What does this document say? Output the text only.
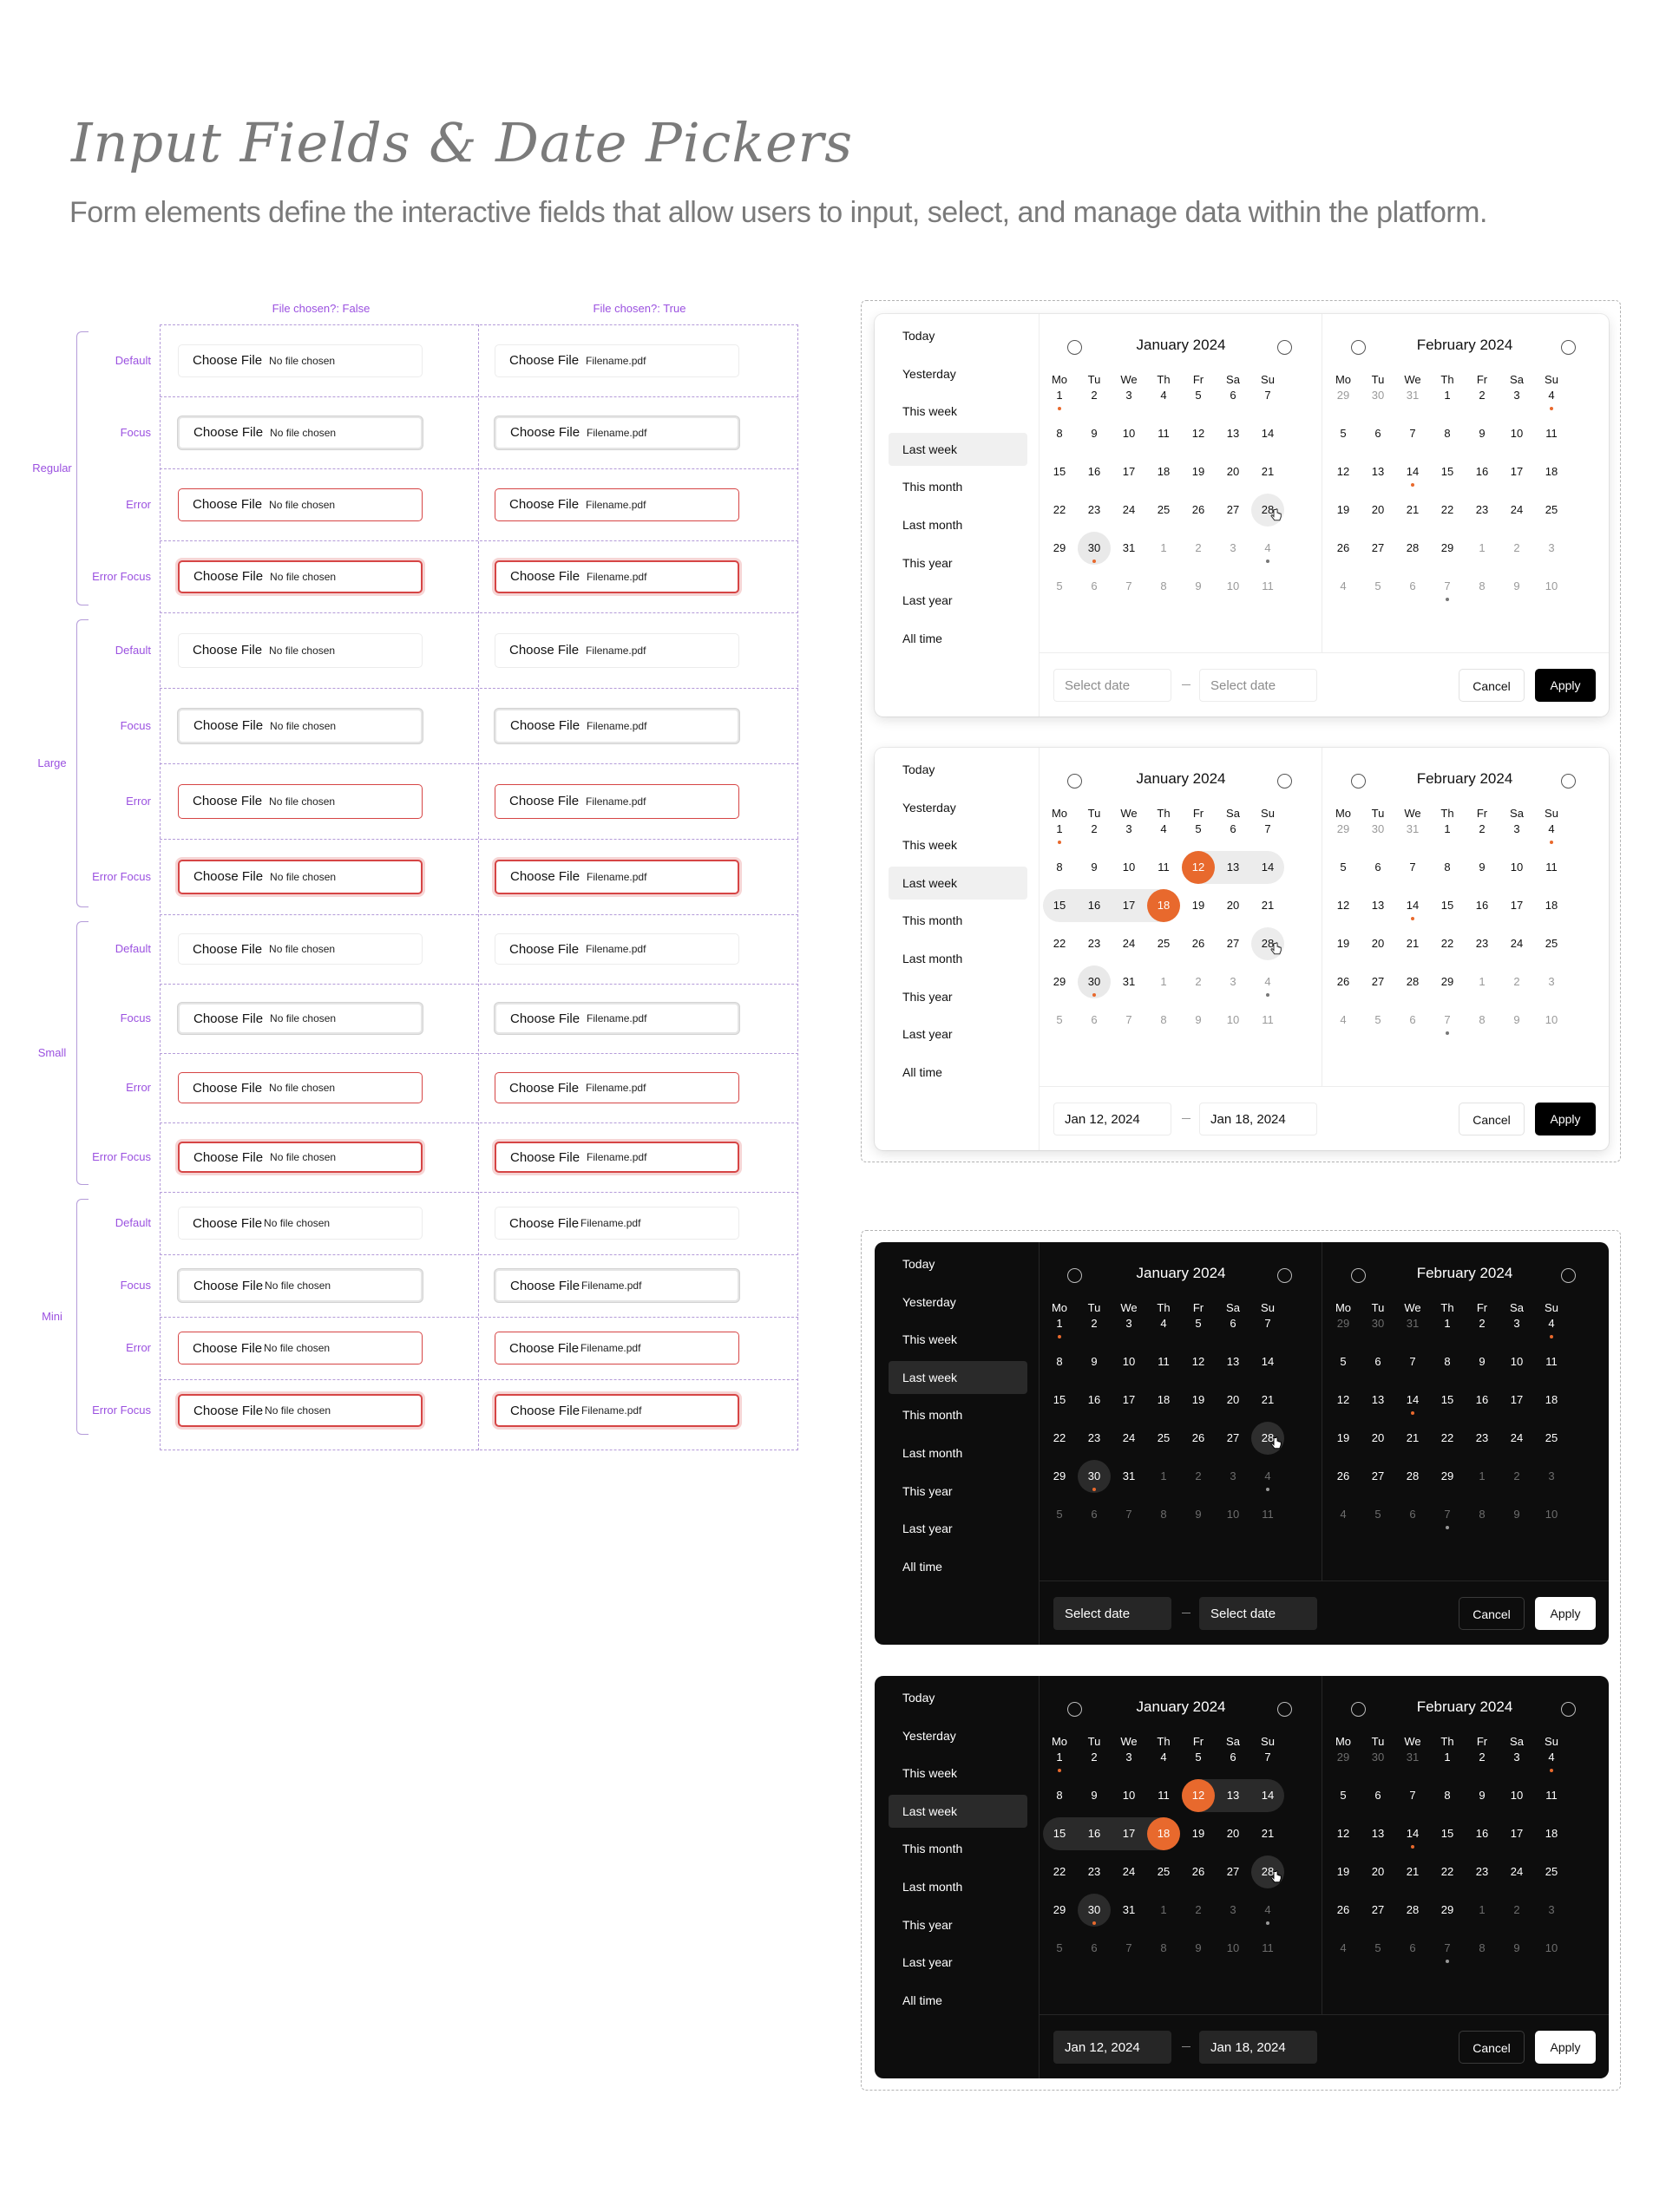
Input Fields & Date Pickers
Form elements define the interactive fields that allow users to input, select, and manage data within the platform.
File chosen?: False	File chosen?: True
Default	Choose File No file chosen	Choose File Filename.pdf
Focus	Choose File No file chosen	Choose File Filename.pdf
Error	Choose File No file chosen	Choose File Filename.pdf
Error Focus	Choose File No file chosen	Choose File Filename.pdf
Regular
Default	Choose File No file chosen	Choose File Filename.pdf
Focus	Choose File No file chosen	Choose File Filename.pdf
Error	Choose File No file chosen	Choose File Filename.pdf
Error Focus	Choose File No file chosen	Choose File Filename.pdf
Large
Default	Choose File No file chosen	Choose File Filename.pdf
Focus	Choose File No file chosen	Choose File Filename.pdf
Error	Choose File No file chosen	Choose File Filename.pdf
Error Focus	Choose File No file chosen	Choose File Filename.pdf
Small
Default	Choose File No file chosen	Choose File Filename.pdf
Focus	Choose File No file chosen	Choose File Filename.pdf
Error	Choose File No file chosen	Choose File Filename.pdf
Error Focus	Choose File No file chosen	Choose File Filename.pdf
Mini
Today
Yesterday
This week
Last week
This month
Last month
This year
Last year
All time
January 2024
Mo	Tu	We	Th	Fr	Sa	Su
1	2	3	4	5	6	7
8	9	10	11	12	13	14
15	16	17	18	19	20	21
22	23	24	25	26	27	28
29	30	31	1	2	3	4
5	6	7	8	9	10	11
February 2024
Mo	Tu	We	Th	Fr	Sa	Su
29	30	31	1	2	3	4
5	6	7	8	9	10	11
12	13	14	15	16	17	18
19	20	21	22	23	24	25
26	27	28	29	1	2	3
4	5	6	7	8	9	10
Select date	Select date	Cancel	Apply
Today
Yesterday
This week
Last week
This month
Last month
This year
Last year
All time
January 2024
Mo	Tu	We	Th	Fr	Sa	Su
1	2	3	4	5	6	7
8	9	10	11	12	13	14
15	16	17	18	19	20	21
22	23	24	25	26	27	28
29	30	31	1	2	3	4
5	6	7	8	9	10	11
February 2024
Mo	Tu	We	Th	Fr	Sa	Su
29	30	31	1	2	3	4
5	6	7	8	9	10	11
12	13	14	15	16	17	18
19	20	21	22	23	24	25
26	27	28	29	1	2	3
4	5	6	7	8	9	10
Jan 12, 2024	Jan 18, 2024	Cancel	Apply
Today
Yesterday
This week
Last week
This month
Last month
This year
Last year
All time
January 2024
Mo	Tu	We	Th	Fr	Sa	Su
1	2	3	4	5	6	7
8	9	10	11	12	13	14
15	16	17	18	19	20	21
22	23	24	25	26	27	28
29	30	31	1	2	3	4
5	6	7	8	9	10	11
February 2024
Mo	Tu	We	Th	Fr	Sa	Su
29	30	31	1	2	3	4
5	6	7	8	9	10	11
12	13	14	15	16	17	18
19	20	21	22	23	24	25
26	27	28	29	1	2	3
4	5	6	7	8	9	10
Select date	Select date	Cancel	Apply
Today
Yesterday
This week
Last week
This month
Last month
This year
Last year
All time
January 2024
Mo	Tu	We	Th	Fr	Sa	Su
1	2	3	4	5	6	7
8	9	10	11	12	13	14
15	16	17	18	19	20	21
22	23	24	25	26	27	28
29	30	31	1	2	3	4
5	6	7	8	9	10	11
February 2024
Mo	Tu	We	Th	Fr	Sa	Su
29	30	31	1	2	3	4
5	6	7	8	9	10	11
12	13	14	15	16	17	18
19	20	21	22	23	24	25
26	27	28	29	1	2	3
4	5	6	7	8	9	10
Jan 12, 2024	Jan 18, 2024	Cancel	Apply
